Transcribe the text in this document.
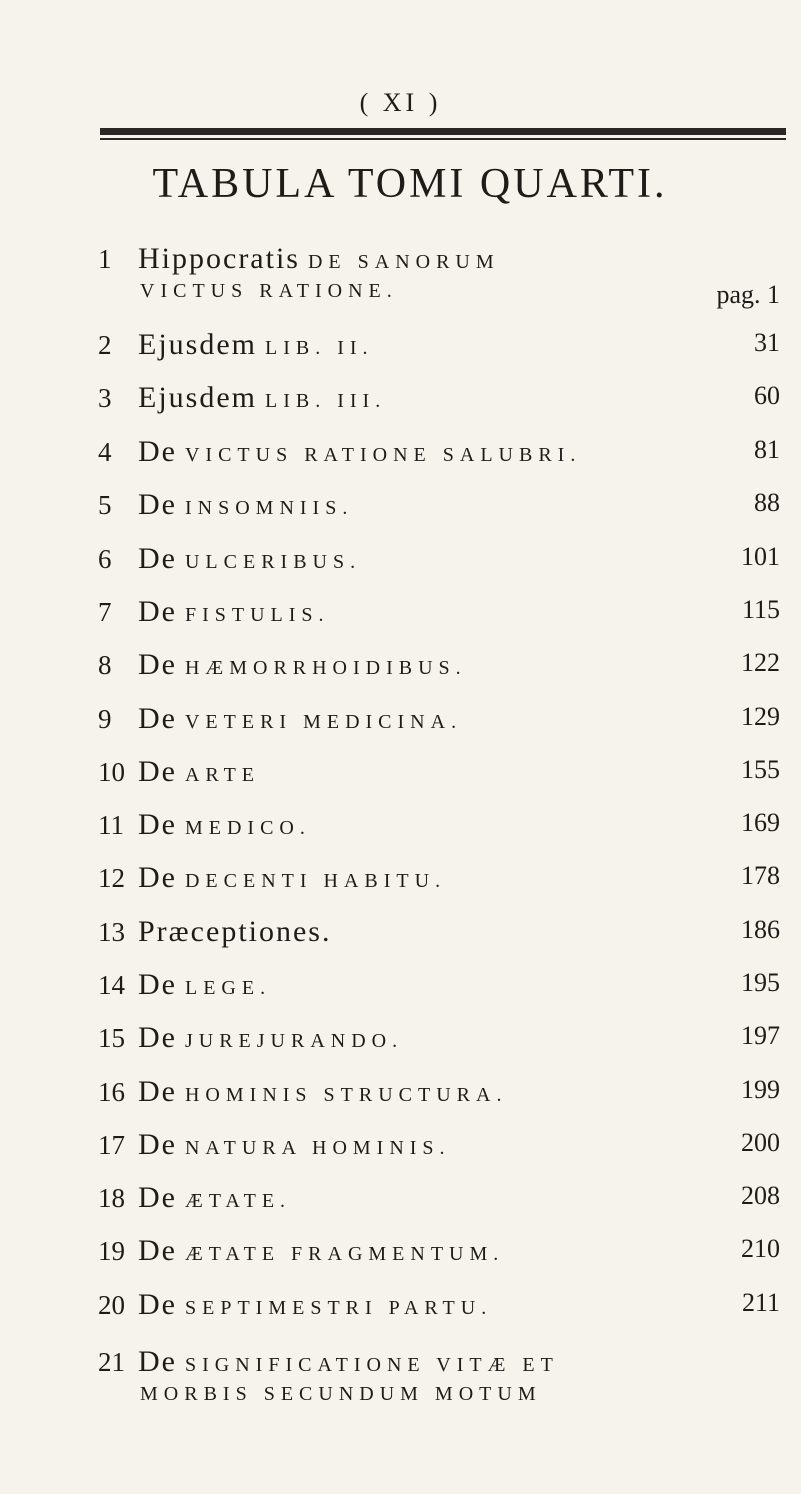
( XI )
TABULA TOMI QUARTI.
1 Hippocratis DE SANORUM
VICTUS RATIONE.	pag. 1
2 Ejusdem LIB. II.	31
3 Ejusdem LIB. III.	60
4 De VICTUS RATIONE SALUBRI.	81
5 De INSOMNIIS.	88
6 De ULCERIBUS.	101
7 De FISTULIS.	115
8 De HÆMORRHOIDIBUS.	122
9 De VETERI MEDICINA.	129
10 De ARTE	155
11 De MEDICO.	169
12 De DECENTI HABITU.	178
13 Præceptiones.	186
14 De LEGE.	195
15 De JUREJURANDO.	197
16 De HOMINIS STRUCTURA.	199
17 De NATURA HOMINIS.	200
18 De ÆTATE.	208
19 De ÆTATE FRAGMENTUM.	210
20 De SEPTIMESTRI PARTU.	211
21 De SIGNIFICATIONE VITÆ ET
MORBIS SECUNDUM MOTUM
